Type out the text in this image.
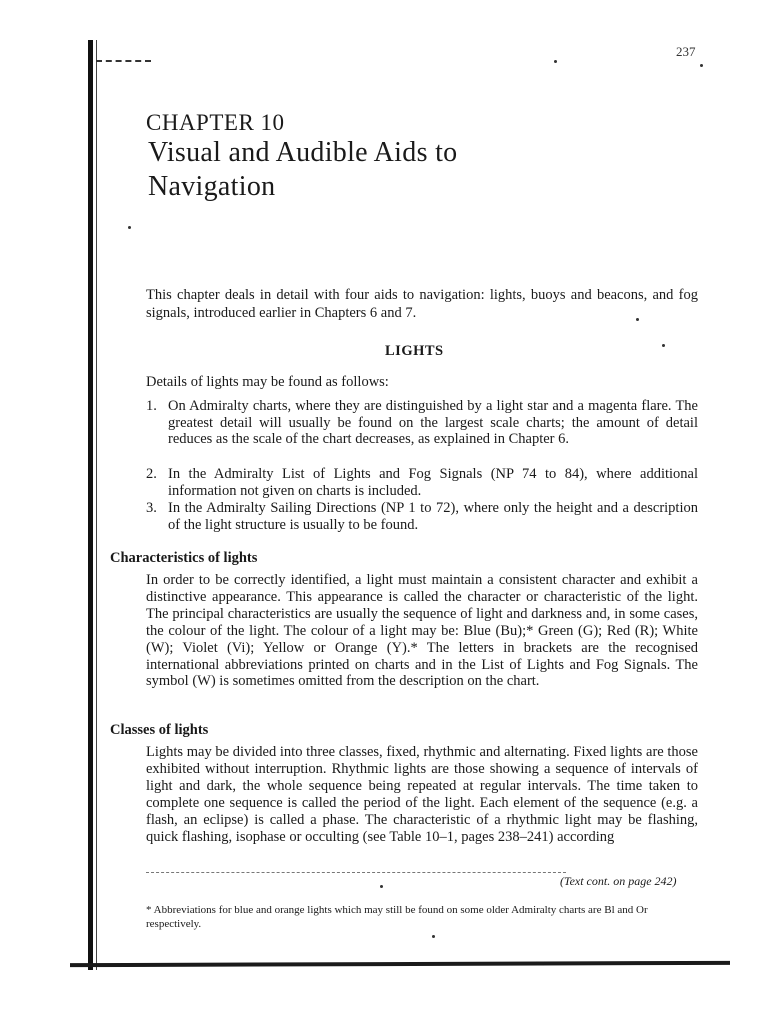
237
CHAPTER 10
Visual and Audible Aids to
Navigation

This chapter deals in detail with four aids to navigation: lights, buoys and beacons, and fog signals, introduced earlier in Chapters 6 and 7.

LIGHTS

Details of lights may be found as follows:

1. On Admiralty charts, where they are distinguished by a light star and a magenta flare. The greatest detail will usually be found on the largest scale charts; the amount of detail reduces as the scale of the chart decreases, as explained in Chapter 6.
2. In the Admiralty List of Lights and Fog Signals (NP 74 to 84), where additional information not given on charts is included.
3. In the Admiralty Sailing Directions (NP 1 to 72), where only the height and a description of the light structure is usually to be found.
Characteristics of lights

In order to be correctly identified, a light must maintain a consistent character and exhibit a distinctive appearance. This appearance is called the character or characteristic of the light. The principal characteristics are usually the sequence of light and darkness and, in some cases, the colour of the light. The colour of a light may be: Blue (Bu);* Green (G); Red (R); White (W); Violet (Vi); Yellow or Orange (Y).* The letters in brackets are the recognised international abbreviations printed on charts and in the List of Lights and Fog Signals. The symbol (W) is sometimes omitted from the description on the chart.

Classes of lights

Lights may be divided into three classes, fixed, rhythmic and alternating. Fixed lights are those exhibited without interruption. Rhythmic lights are those showing a sequence of intervals of light and dark, the whole sequence being repeated at regular intervals. The time taken to complete one sequence is called the period of the light. Each element of the sequence (e.g. a flash, an eclipse) is called a phase. The characteristic of a rhythmic light may be flashing, quick flashing, isophase or occulting (see Table 10–1, pages 238–241) according

(Text cont. on page 242)

* Abbreviations for blue and orange lights which may still be found on some older Admiralty charts are Bl and Or respectively.
